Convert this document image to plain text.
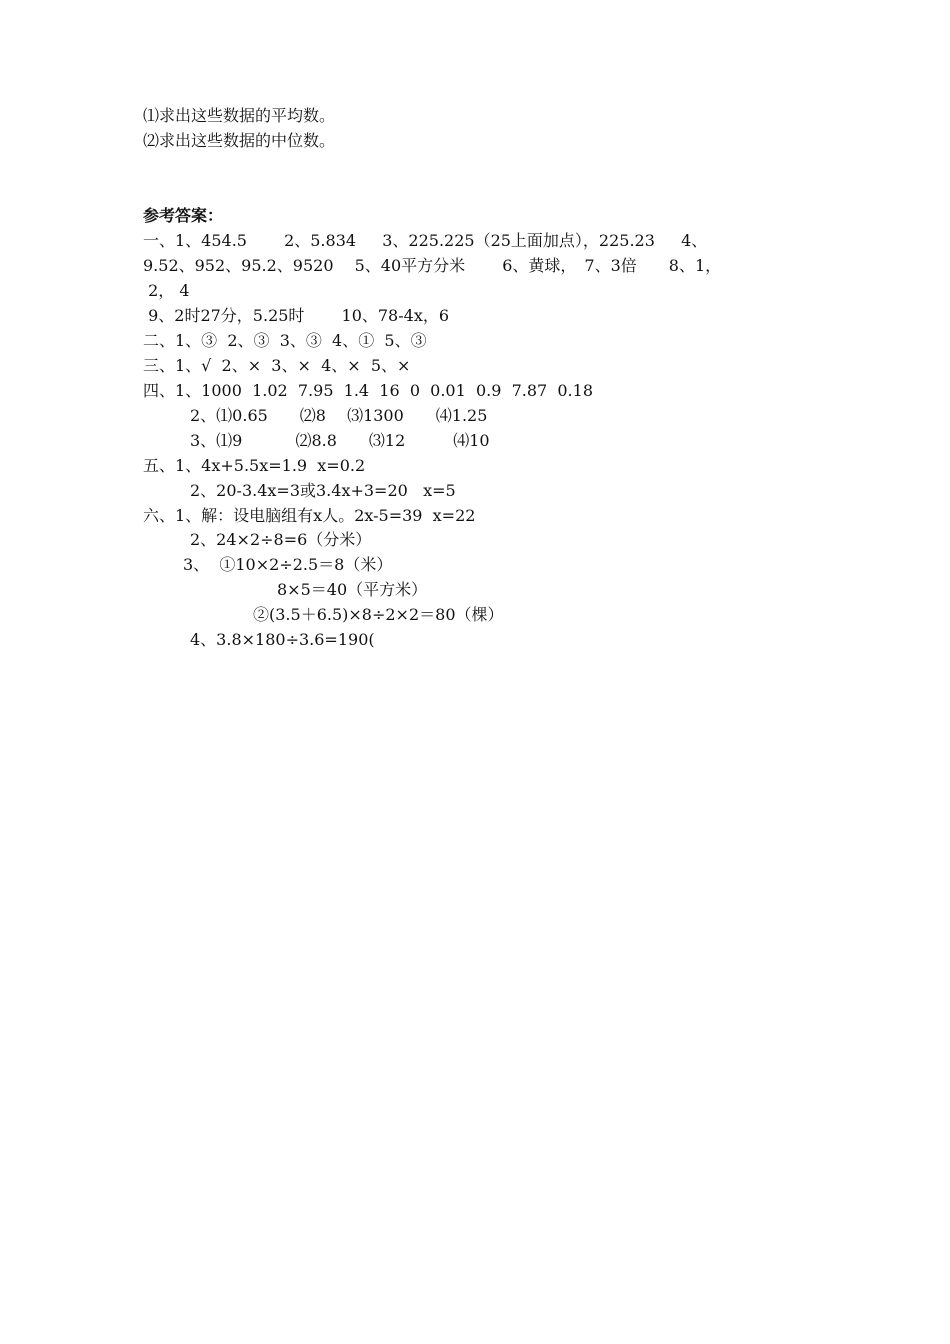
⑴求出这些数据的平均数。
⑵求出这些数据的中位数。
参考答案：
一、1、454.5　　 2、5.834　  3、225.225（25上面加点），225.23　  4、
9.52、952、95.2、9520　 5、40平方分米　　 6、黄球，　7、3倍　　8、1，
2， 4
9、2时27分，5.25时　　 10、78-4x，6
二、1、③  2、③  3、③  4、①  5、③
三、1、√  2、×  3、×  4、×  5、×
四、1、1000  1.02  7.95  1.4  16  0  0.01  0.9  7.87  0.18
2、⑴0.65　　⑵8　 ⑶1300　　⑷1.25
3、⑴9　　　 ⑵8.8　　⑶12　　　⑷10
五、1、4x+5.5x=1.9  x=0.2
2、20-3.4x=3或3.4x+3=20   x=5
六、1、解：设电脑组有x人。2x-5=39  x=22
2、24×2÷8=6（分米）
3、  ①10×2÷2.5＝8（米）
8×5＝40（平方米）
②(3.5＋6.5)×8÷2×2＝80（棵）
4、3.8×180÷3.6=190(
